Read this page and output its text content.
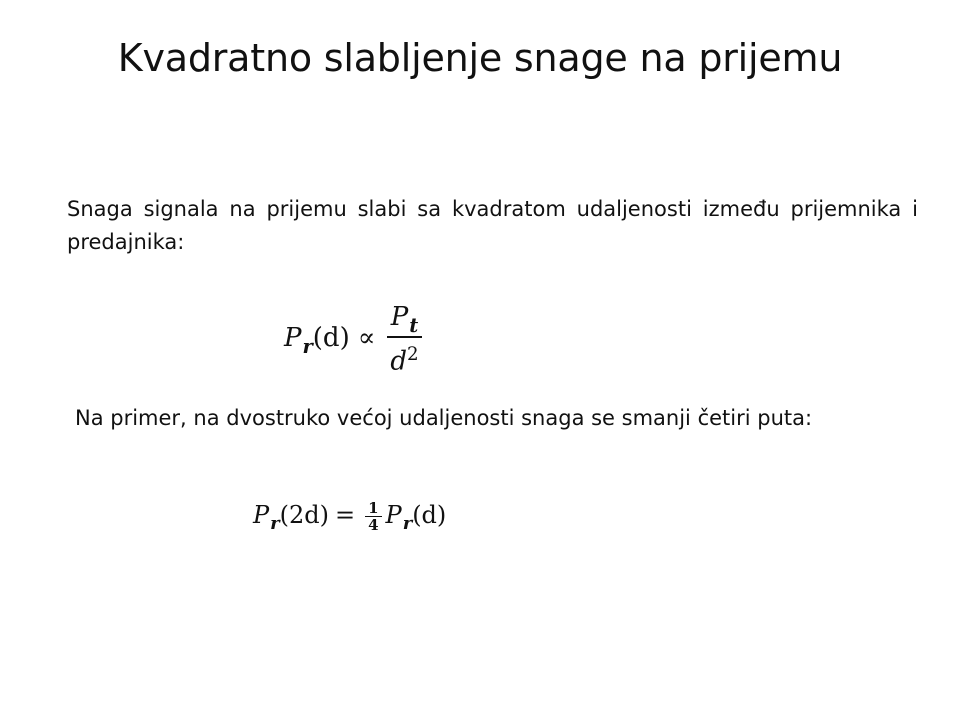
Kvadratno slabljenje snage na prijemu
Snaga signala na prijemu slabi sa kvadratom udaljenosti između prijemnika i predajnika:
$P_r(d) \propto \frac{P_t}{d^2}$
Na primer, na dvostruko većoj udaljenosti snaga se smanji četiri puta:
$P_r(2d) = \frac{1}{4} P_r(d)$
